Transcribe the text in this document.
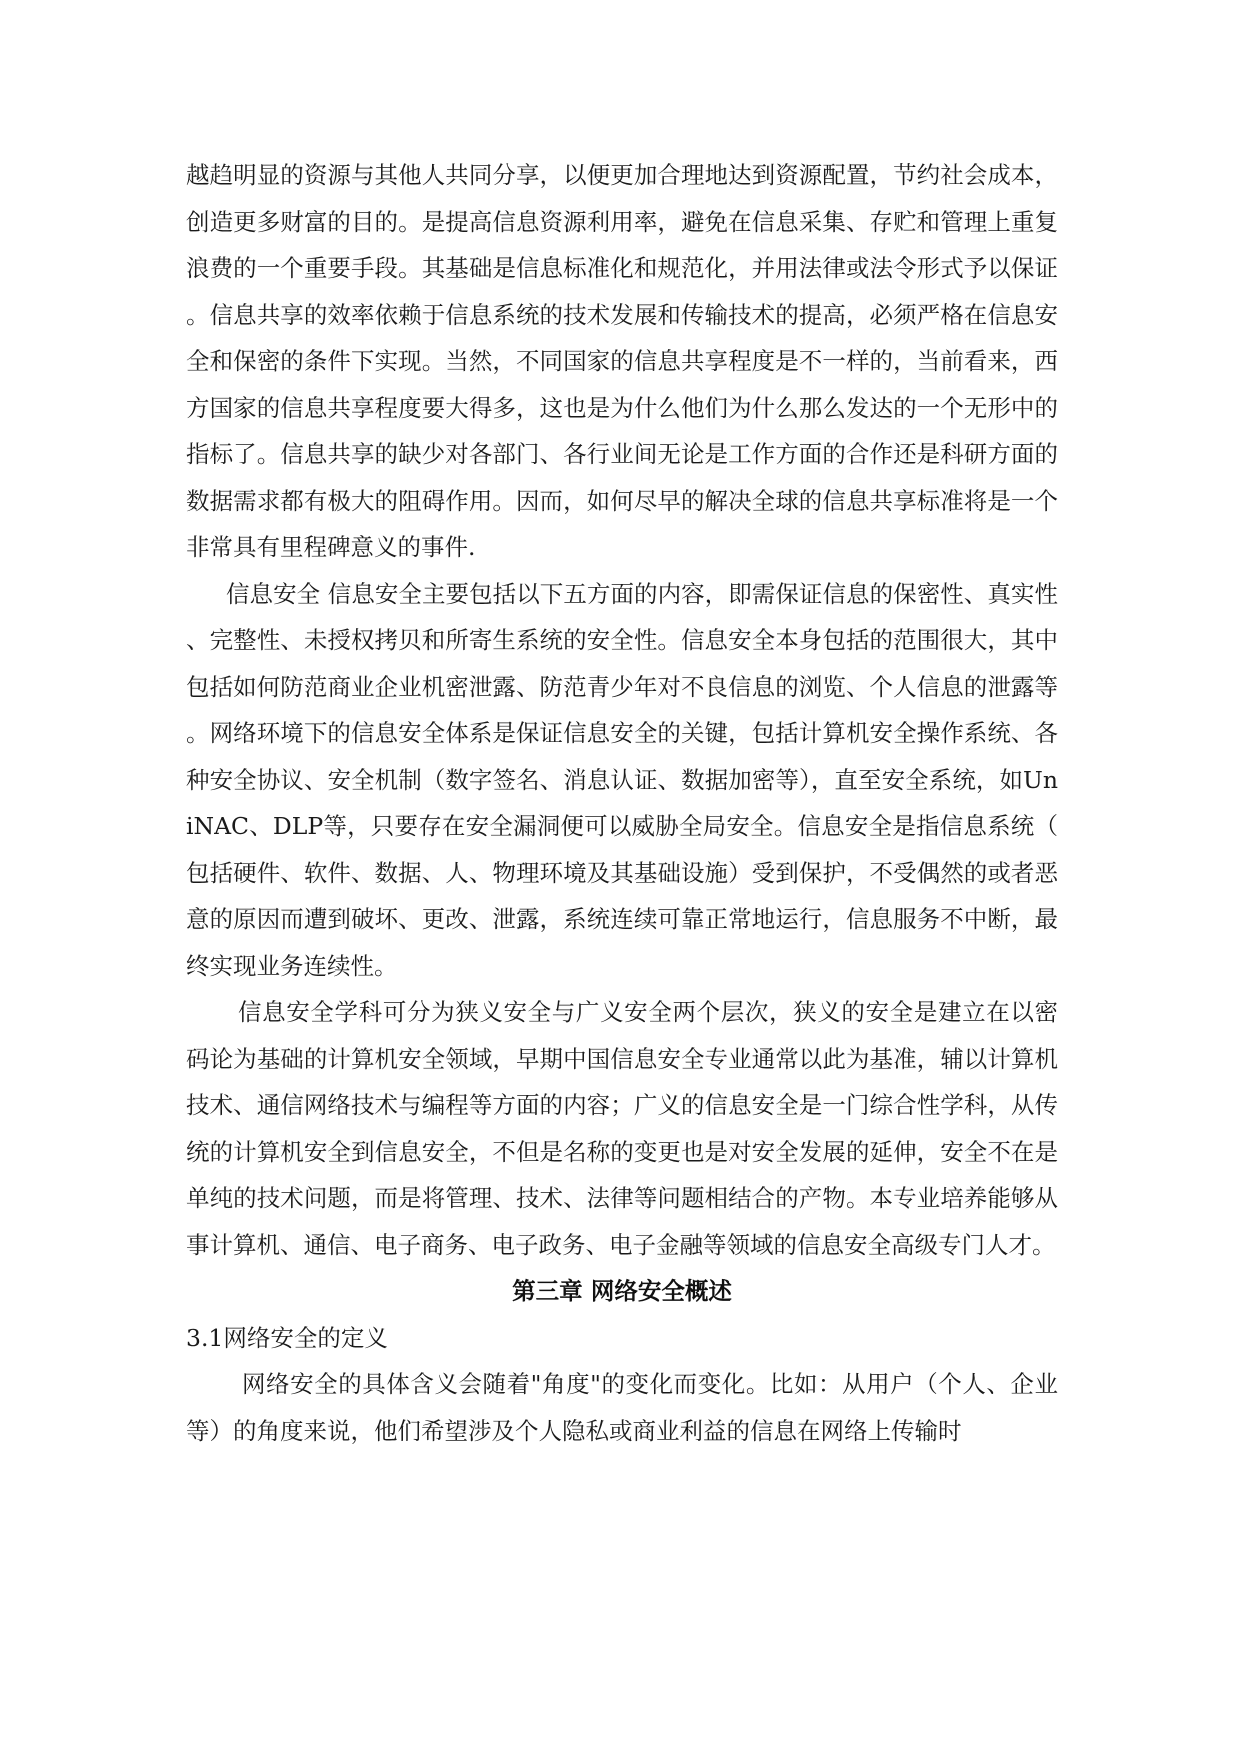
越趋明显的资源与其他人共同分享，以便更加合理地达到资源配置，节约社会成本，创造更多财富的目的。是提高信息资源利用率，避免在信息采集、存贮和管理上重复浪费的一个重要手段。其基础是信息标准化和规范化，并用法律或法令形式予以保证。信息共享的效率依赖于信息系统的技术发展和传输技术的提高，必须严格在信息安全和保密的条件下实现。当然，不同国家的信息共享程度是不一样的，当前看来，西方国家的信息共享程度要大得多，这也是为什么他们为什么那么发达的一个无形中的指标了。信息共享的缺少对各部门、各行业间无论是工作方面的合作还是科研方面的数据需求都有极大的阻碍作用。因而，如何尽早的解决全球的信息共享标准将是一个非常具有里程碑意义的事件.

信息安全 信息安全主要包括以下五方面的内容，即需保证信息的保密性、真实性、完整性、未授权拷贝和所寄生系统的安全性。信息安全本身包括的范围很大，其中包括如何防范商业企业机密泄露、防范青少年对不良信息的浏览、个人信息的泄露等。网络环境下的信息安全体系是保证信息安全的关键，包括计算机安全操作系统、各种安全协议、安全机制（数字签名、消息认证、数据加密等），直至安全系统，如UniNAC、DLP等，只要存在安全漏洞便可以威胁全局安全。信息安全是指信息系统（包括硬件、软件、数据、人、物理环境及其基础设施）受到保护，不受偶然的或者恶意的原因而遭到破坏、更改、泄露，系统连续可靠正常地运行，信息服务不中断，最终实现业务连续性。

信息安全学科可分为狭义安全与广义安全两个层次，狭义的安全是建立在以密码论为基础的计算机安全领域，早期中国信息安全专业通常以此为基准，辅以计算机技术、通信网络技术与编程等方面的内容；广义的信息安全是一门综合性学科，从传统的计算机安全到信息安全，不但是名称的变更也是对安全发展的延伸，安全不在是单纯的技术问题，而是将管理、技术、法律等问题相结合的产物。本专业培养能够从事计算机、通信、电子商务、电子政务、电子金融等领域的信息安全高级专门人才。

第三章 网络安全概述

3.1网络安全的定义

网络安全的具体含义会随着"角度"的变化而变化。比如：从用户（个人、企业等）的角度来说，他们希望涉及个人隐私或商业利益的信息在网络上传输时
